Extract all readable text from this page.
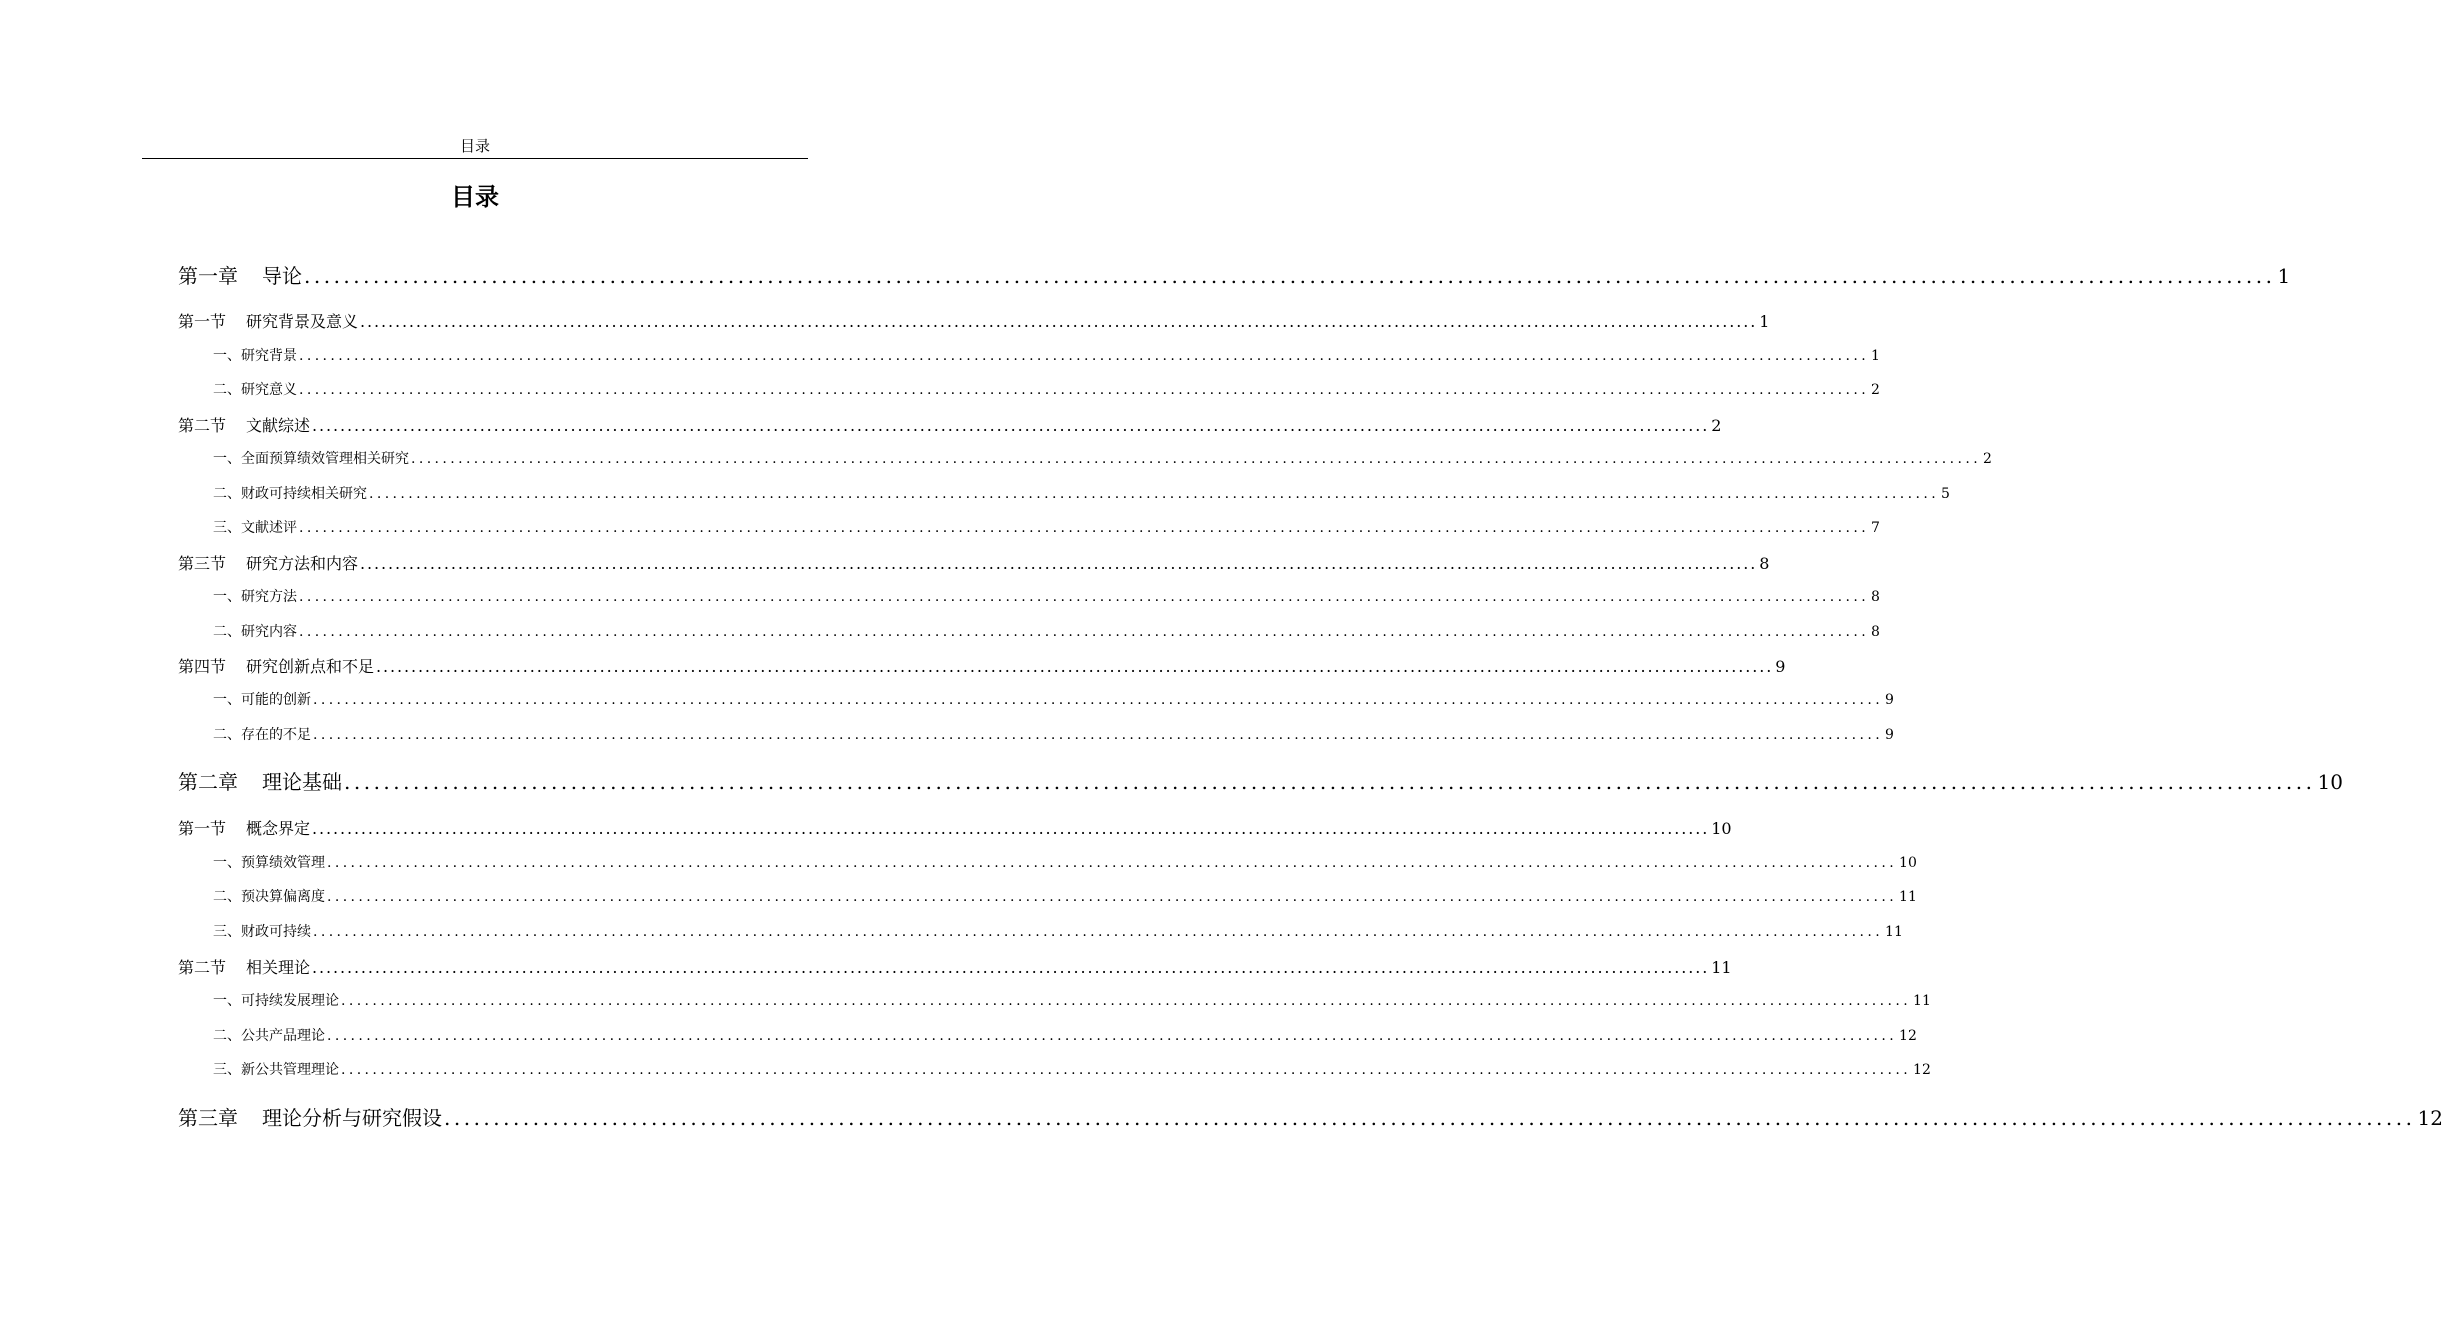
目录
目录
第一章 导论 ........................................................................................................................................................................................................ 1
第一节 研究背景及意义 ........................................................................................................................................................................................................ 1
一、研究背景 ........................................................................................................................................................................................................ 1
二、研究意义 ........................................................................................................................................................................................................ 2
第二节 文献综述 ........................................................................................................................................................................................................ 2
一、全面预算绩效管理相关研究 ........................................................................................................................................................................................................ 2
二、财政可持续相关研究 ........................................................................................................................................................................................................ 5
三、文献述评 ........................................................................................................................................................................................................ 7
第三节 研究方法和内容 ........................................................................................................................................................................................................ 8
一、研究方法 ........................................................................................................................................................................................................ 8
二、研究内容 ........................................................................................................................................................................................................ 8
第四节 研究创新点和不足 ........................................................................................................................................................................................................ 9
一、可能的创新 ........................................................................................................................................................................................................ 9
二、存在的不足 ........................................................................................................................................................................................................ 9
第二章 理论基础 ........................................................................................................................................................................................................ 10
第一节 概念界定 ........................................................................................................................................................................................................ 10
一、预算绩效管理 ........................................................................................................................................................................................................ 10
二、预决算偏离度 ........................................................................................................................................................................................................ 11
三、财政可持续 ........................................................................................................................................................................................................ 11
第二节 相关理论 ........................................................................................................................................................................................................ 11
一、可持续发展理论 ........................................................................................................................................................................................................ 11
二、公共产品理论 ........................................................................................................................................................................................................ 12
三、新公共管理理论 ........................................................................................................................................................................................................ 12
第三章 理论分析与研究假设 ........................................................................................................................................................................................................ 12
